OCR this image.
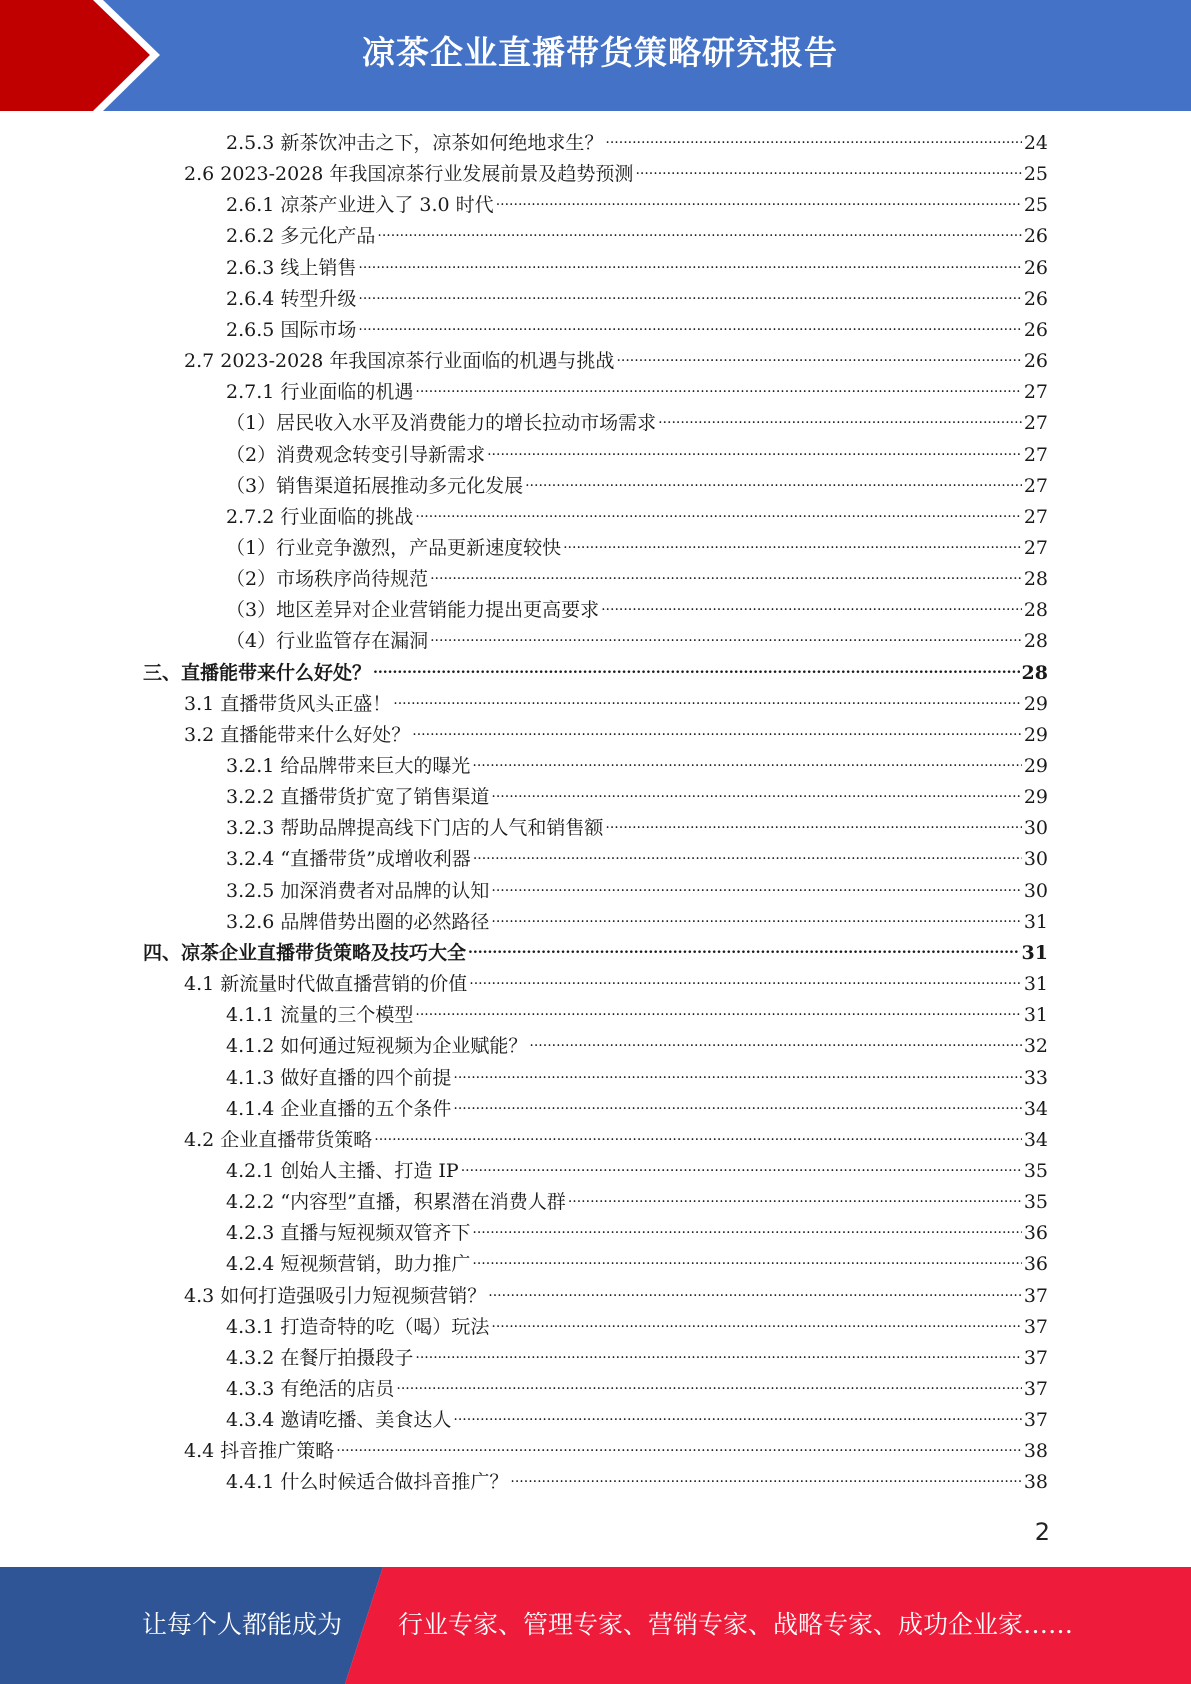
凉茶企业直播带货策略研究报告
2.5.3 新茶饮冲击之下，凉茶如何绝地求生？ .....	24
2.6 2023-2028 年我国凉茶行业发展前景及趋势预测 .....	25
2.6.1 凉茶产业进入了 3.0 时代 .....	25
2.6.2 多元化产品 .....	26
2.6.3 线上销售 .....	26
2.6.4 转型升级 .....	26
2.6.5 国际市场 .....	26
2.7 2023-2028 年我国凉茶行业面临的机遇与挑战 .....	26
2.7.1 行业面临的机遇 .....	27
（1）居民收入水平及消费能力的增长拉动市场需求 .....	27
（2）消费观念转变引导新需求 .....	27
（3）销售渠道拓展推动多元化发展 .....	27
2.7.2 行业面临的挑战 .....	27
（1）行业竞争激烈，产品更新速度较快 .....	27
（2）市场秩序尚待规范 .....	28
（3）地区差异对企业营销能力提出更高要求 .....	28
（4）行业监管存在漏洞 .....	28
三、直播能带来什么好处？ .....	28
3.1 直播带货风头正盛！ .....	29
3.2 直播能带来什么好处？ .....	29
3.2.1 给品牌带来巨大的曝光 .....	29
3.2.2 直播带货扩宽了销售渠道 .....	29
3.2.3 帮助品牌提高线下门店的人气和销售额 .....	30
3.2.4 “直播带货”成增收利器 .....	30
3.2.5 加深消费者对品牌的认知 .....	30
3.2.6 品牌借势出圈的必然路径 .....	31
四、凉茶企业直播带货策略及技巧大全 .....	31
4.1 新流量时代做直播营销的价值 .....	31
4.1.1 流量的三个模型 .....	31
4.1.2 如何通过短视频为企业赋能？ .....	32
4.1.3 做好直播的四个前提 .....	33
4.1.4 企业直播的五个条件 .....	34
4.2 企业直播带货策略 .....	34
4.2.1 创始人主播、打造 IP .....	35
4.2.2 “内容型”直播，积累潜在消费人群 .....	35
4.2.3 直播与短视频双管齐下 .....	36
4.2.4 短视频营销，助力推广 .....	36
4.3 如何打造强吸引力短视频营销？ .....	37
4.3.1 打造奇特的吃（喝）玩法 .....	37
4.3.2 在餐厅拍摄段子 .....	37
4.3.3 有绝活的店员 .....	37
4.3.4 邀请吃播、美食达人 .....	37
4.4 抖音推广策略 .....	38
4.4.1 什么时候适合做抖音推广？ .....	38
2
让每个人都能成为 行业专家、管理专家、营销专家、战略专家、成功企业家……
